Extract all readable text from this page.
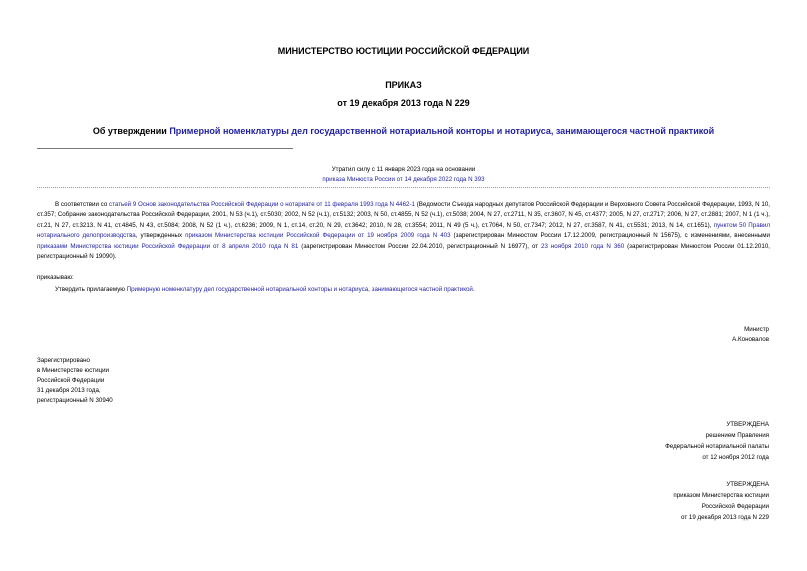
МИНИСТЕРСТВО ЮСТИЦИИ РОССИЙСКОЙ ФЕДЕРАЦИИ
ПРИКАЗ
от 19 декабря 2013 года N 229
Об утверждении Примерной номенклатуры дел государственной нотариальной конторы и нотариуса, занимающегося частной практикой
Утратил силу с 11 января 2023 года на основании
приказа Минюста России от 14 декабря 2022 года N 393
В соответствии со статьей 9 Основ законодательства Российской Федерации о нотариате от 11 февраля 1993 года N 4462-1 (Ведомости Съезда народных депутатов Российской Федерации и Верховного Совета Российской Федерации, 1993, N 10, ст.357; Собрание законодательства Российской Федерации, 2001, N 53 (ч.1), ст.5030; 2002, N 52 (ч.1), ст.5132; 2003, N 50, ст.4855, N 52 (ч.1), ст.5038; 2004, N 27, ст.2711, N 35, ст.3607, N 45, ст.4377; 2005, N 27, ст.2717; 2006, N 27, ст.2881; 2007, N 1 (1 ч.), ст.21, N 27, ст.3213, N 41, ст.4845, N 43, ст.5084; 2008, N 52 (1 ч.), ст.6236; 2009, N 1, ст.14, ст.20, N 29, ст.3642; 2010, N 28, ст.3554; 2011, N 49 (5 ч.), ст.7064, N 50, ст.7347; 2012, N 27, ст.3587, N 41, ст.5531; 2013, N 14, ст.1651), пунктом 50 Правил нотариального делопроизводства, утвержденных приказом Министерства юстиции Российской Федерации от 19 ноября 2009 года N 403 (зарегистрирован Минюстом России 17.12.2009, регистрационный N 15675), с изменениями, внесенными приказами Министерства юстиции Российской Федерации от 8 апреля 2010 года N 81 (зарегистрирован Минюстом России 22.04.2010, регистрационный N 16977), от 23 ноября 2010 года N 360 (зарегистрирован Минюстом России 01.12.2010, регистрационный N 19090).
приказываю:
Утвердить прилагаемую Примерную номенклатуру дел государственной нотариальной конторы и нотариуса, занимающегося частной практикой.
Министр
А.Коновалов
Зарегистрировано
в Министерстве юстиции
Российской Федерации
31 декабря 2013 года,
регистрационный N 30940
УТВЕРЖДЕНА
решением Правления
Федеральной нотариальной палаты
от 12 ноября 2012 года
УТВЕРЖДЕНА
приказом Министерства юстиции
Российской Федерации
от 19 декабря 2013 года N 229
